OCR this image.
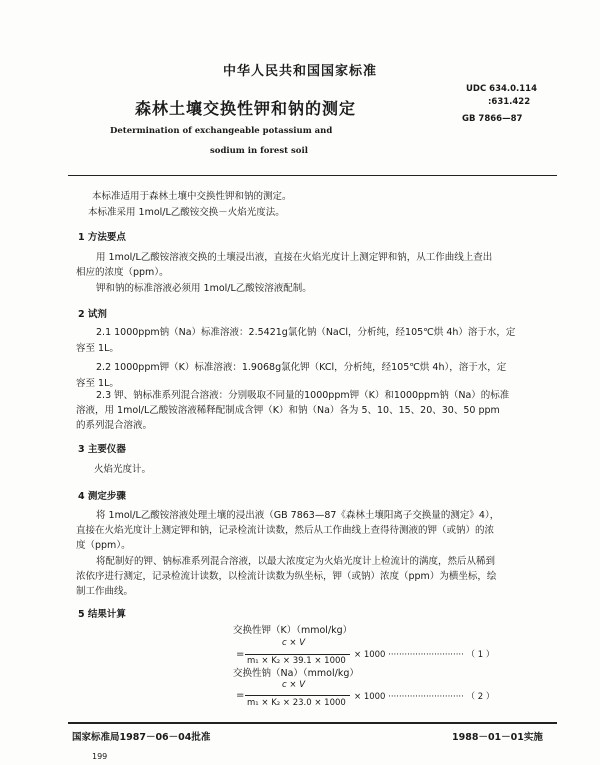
中华人民共和国国家标准
森林土壤交换性钾和钠的测定
Determination of exchangeable potassium and
sodium in forest soil
UDC 634.0.114
:631.422
GB 7866—87
本标准适用于森林土壤中交换性钾和钠的测定。
本标准采用 1mol/L乙酸铵交换－火焰光度法。
1 方法要点
用 1mol/L乙酸铵溶液交换的土壤浸出液，直接在火焰光度计上测定钾和钠，从工作曲线上查出
相应的浓度（ppm）。
钾和钠的标准溶液必须用 1mol/L乙酸铵溶液配制。
2 试剂
2.1 1000ppm钠（Na）标准溶液：2.5421g氯化钠（NaCl，分析纯，经105℃烘 4h）溶于水，定
容至 1L。
2.2 1000ppm钾（K）标准溶液：1.9068g氯化钾（KCl，分析纯，经105℃烘 4h），溶于水，定
容至 1L。
2.3 钾、钠标准系列混合溶液：分别吸取不同量的1000ppm钾（K）和1000ppm钠（Na）的标准
溶液，用 1mol/L乙酸铵溶液稀释配制成含钾（K）和钠（Na）各为 5、10、15、20、30、50 ppm
的系列混合溶液。
3 主要仪器
火焰光度计。
4 测定步骤
将 1mol/L乙酸铵溶液处理土壤的浸出液（GB 7863—87《森林土壤阳离子交换量的测定》4），
直接在火焰光度计上测定钾和钠，记录检流计读数，然后从工作曲线上查得待测液的钾（或钠）的浓
度（ppm）。
将配制好的钾、钠标准系列混合溶液，以最大浓度定为火焰光度计上检流计的满度，然后从稀到
浓依序进行测定，记录检流计读数，以检流计读数为纵坐标，钾（或钠）浓度（ppm）为横坐标，绘
制工作曲线。
5 结果计算
交换性钾（K）（mmol/kg）
=
c × V
m₁ × K₂ × 39.1 × 1000
× 1000 ···························· （ 1 ）
交换性钠（Na）（mmol/kg）
=
c × V
m₁ × K₂ × 23.0 × 1000
× 1000 ···························· （ 2 ）
国家标准局1987－06－04批准	1988－01－01实施
199
